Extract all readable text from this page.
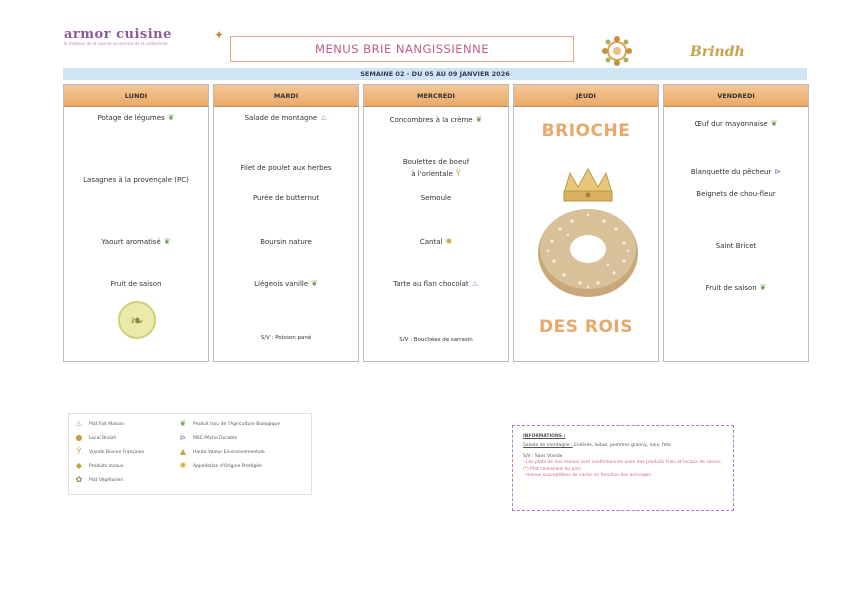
armor cuisine
le meilleur de la cuisine au service de la collectivité
✦
MENUS BRIE NANGISSIENNE	Brindh
SEMAINE 02 - DU 05 AU 09 JANVIER 2026
LUNDI
Potage de légumes ❦
Lasagnes à la provençale (PC)
Yaourt aromatisé ❦
Fruit de saison
❧
MARDI
Salade de montagne ♨
Filet de poulet aux herbes
Purée de butternut
Boursin nature
Liégeois vanille ❦
S/V : Poisson pané
MERCREDI
Concombres à la crème ❦
Boulettes de boeuf
à l'orientale Ÿ
Semoule
Cantal ✺
Tarte au flan chocolat ♨
S/V : Bouchées de sarrasin
JEUDI
BRIOCHE
DES ROIS
VENDREDI
Œuf dur mayonnaise ❦
Blanquette du pêcheur ⊳
Beignets de chou-fleur
Saint Bricet
Fruit de saison ❦
♨	Plat Fait Maison
●	Local Breizh
Ÿ	Viande Bovine Française
◆	Produits locaux
✿	Plat Végétarien
❦	Produit Issu de l'Agriculture Biologique
⊳	MSC Pêche Durable
▲	Haute Valeur Environnementale
✺	Appellation d'Origine Protégée
INFORMATIONS :
Salade de montagne : Endives, laitue, pommes granny, noix, feta
S/V : Sans Viande
- Les plats de nos menus sont confectionnés avec des produits frais et locaux de saison
(*) Plat contenant du porc
- menus susceptibles de varier en fonction des arrivages
